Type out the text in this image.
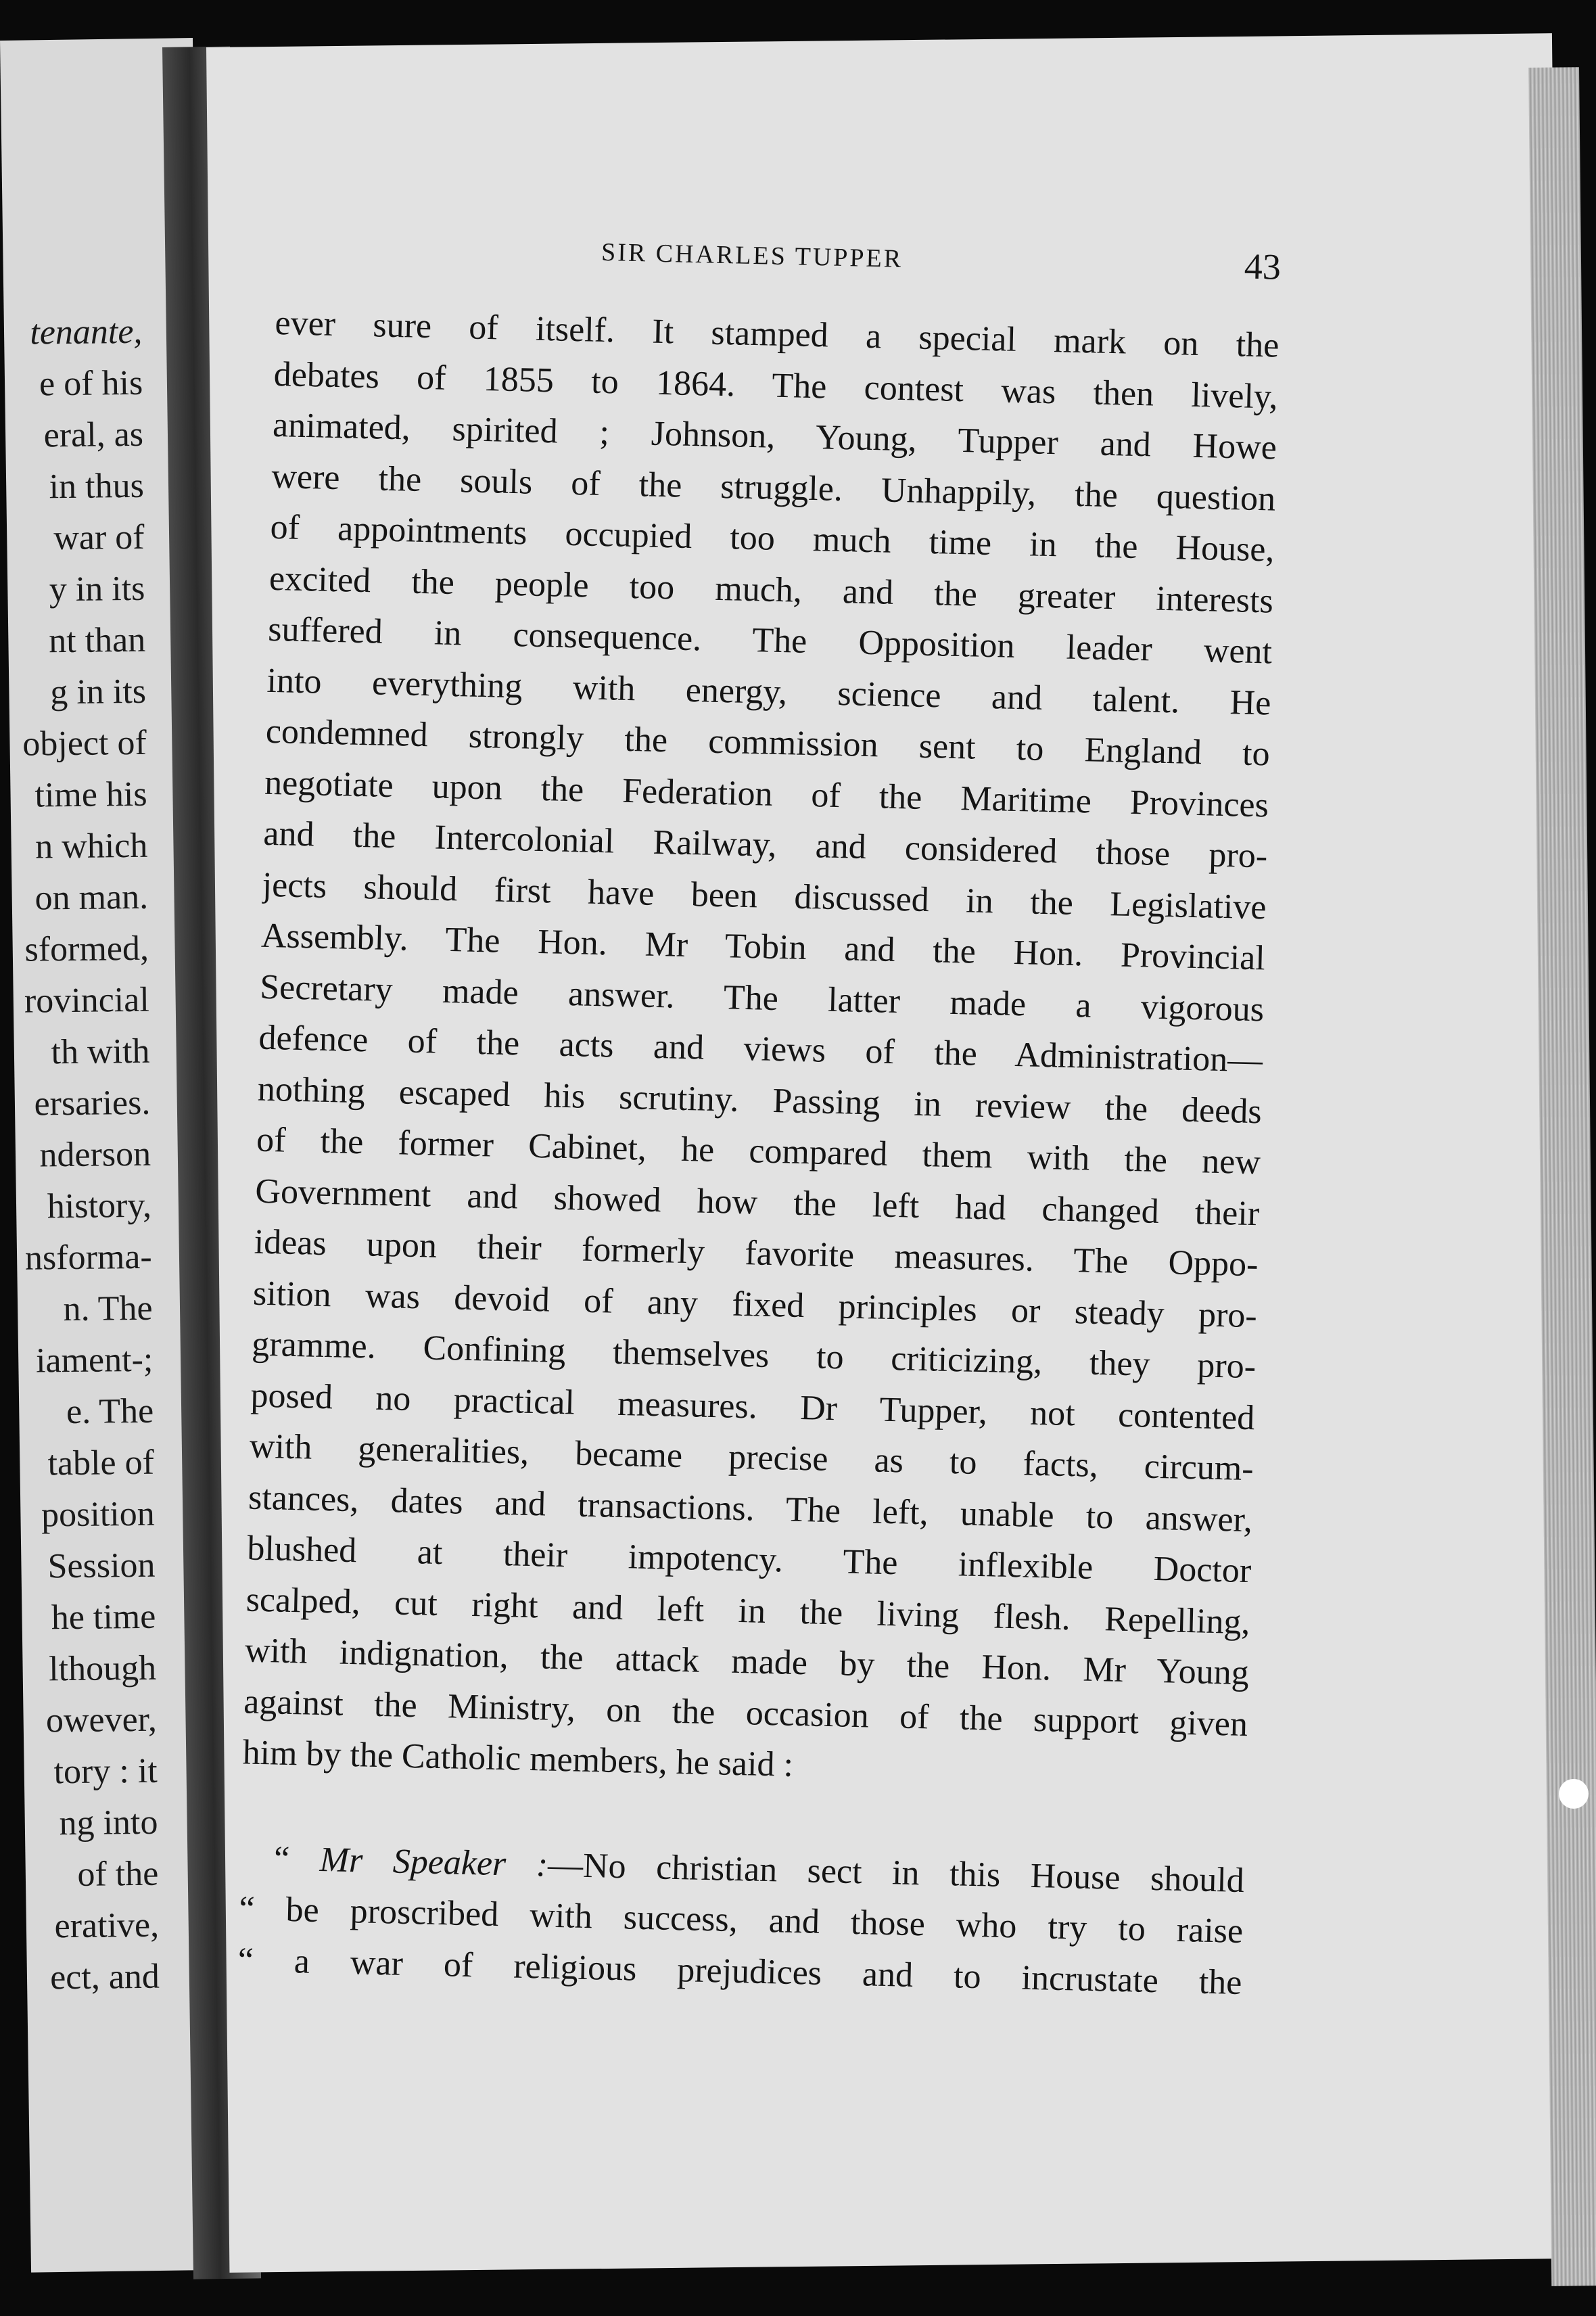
tenante,
e of his
eral, as
in thus
war of
y in its
nt than
g in its
object of
time his
n which
on man.
sformed,
rovincial
th with
ersaries.
nderson
history,
nsforma-
n. The
iament-;
e. The
table of
position
Session
he time
lthough
owever,
tory : it
ng into
of the
erative,
ect, and
SIR CHARLES TUPPER	43
ever sure of itself. It stamped a special mark on the
debates of 1855 to 1864. The contest was then lively,
animated, spirited ; Johnson, Young, Tupper and Howe
were the souls of the struggle. Unhappily, the question
of appointments occupied too much time in the House,
excited the people too much, and the greater interests
suffered in consequence. The Opposition leader went
into everything with energy, science and talent. He
condemned strongly the commission sent to England to
negotiate upon the Federation of the Maritime Provinces
and the Intercolonial Railway, and considered those pro-
jects should first have been discussed in the Legislative
Assembly. The Hon. Mr Tobin and the Hon. Provincial
Secretary made answer. The latter made a vigorous
defence of the acts and views of the Administration—
nothing escaped his scrutiny. Passing in review the deeds
of the former Cabinet, he compared them with the new
Government and showed how the left had changed their
ideas upon their formerly favorite measures. The Oppo-
sition was devoid of any fixed principles or steady pro-
gramme. Confining themselves to criticizing, they pro-
posed no practical measures. Dr Tupper, not contented
with generalities, became precise as to facts, circum-
stances, dates and transactions. The left, unable to answer,
blushed at their impotency. The inflexible Doctor
scalped, cut right and left in the living flesh. Repelling,
with indignation, the attack made by the Hon. Mr Young
against the Ministry, on the occasion of the support given
him by the Catholic members, he said :
“ Mr Speaker :—No christian sect in this House should
“ be proscribed with success, and those who try to raise
“ a war of religious prejudices and to incrustate the
